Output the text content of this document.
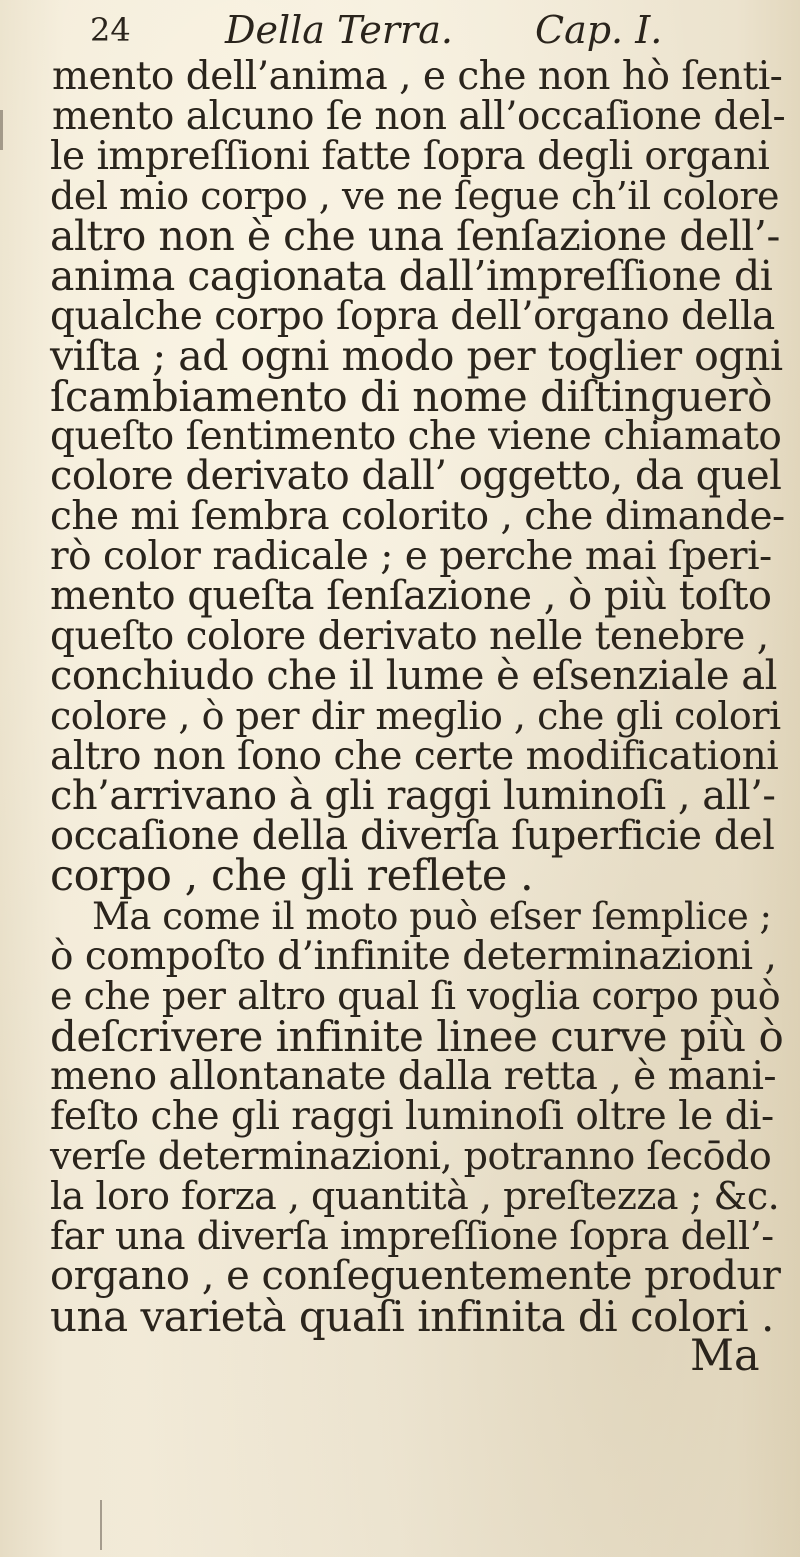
24 Della Terra. Cap. I.
mento dell’anima , e che non hò ſenti-
mento alcuno ſe non all’occaſione del-
le impreſſioni fatte ſopra degli organi
del mio corpo , ve ne ſegue ch’il colore
altro non è che una ſenſazione dell’-
anima cagionata dall’impreſſione di
qualche corpo ſopra dell’organo della
viſta ; ad ogni modo per toglier ogni
ſcambiamento di nome diſtinguerò
queſto ſentimento che viene chiamato
colore derivato dall’ oggetto, da quel
che mi ſembra colorito , che dimande-
rò color radicale ; e perche mai ſperi-
mento queſta ſenſazione , ò più toſto
queſto colore derivato nelle tenebre ,
conchiudo che il lume è eſsenziale al
colore , ò per dir meglio , che gli colori
altro non ſono che certe modificationi
ch’arrivano à gli raggi luminoſi , all’-
occaſione della diverſa ſuperficie del
corpo , che gli reflete .
Ma come il moto può eſser ſemplice ;
ò compoſto d’infinite determinazioni ,
e che per altro qual ſi voglia corpo può
deſcrivere infinite linee curve più ò
meno allontanate dalla retta , è mani-
feſto che gli raggi luminoſi oltre le di-
verſe determinazioni, potranno ſecōdo
la loro forza , quantità , preſtezza ; &c.
far una diverſa impreſſione ſopra dell’-
organo , e conſeguentemente produr
una varietà quaſi infinita di colori .
Ma
